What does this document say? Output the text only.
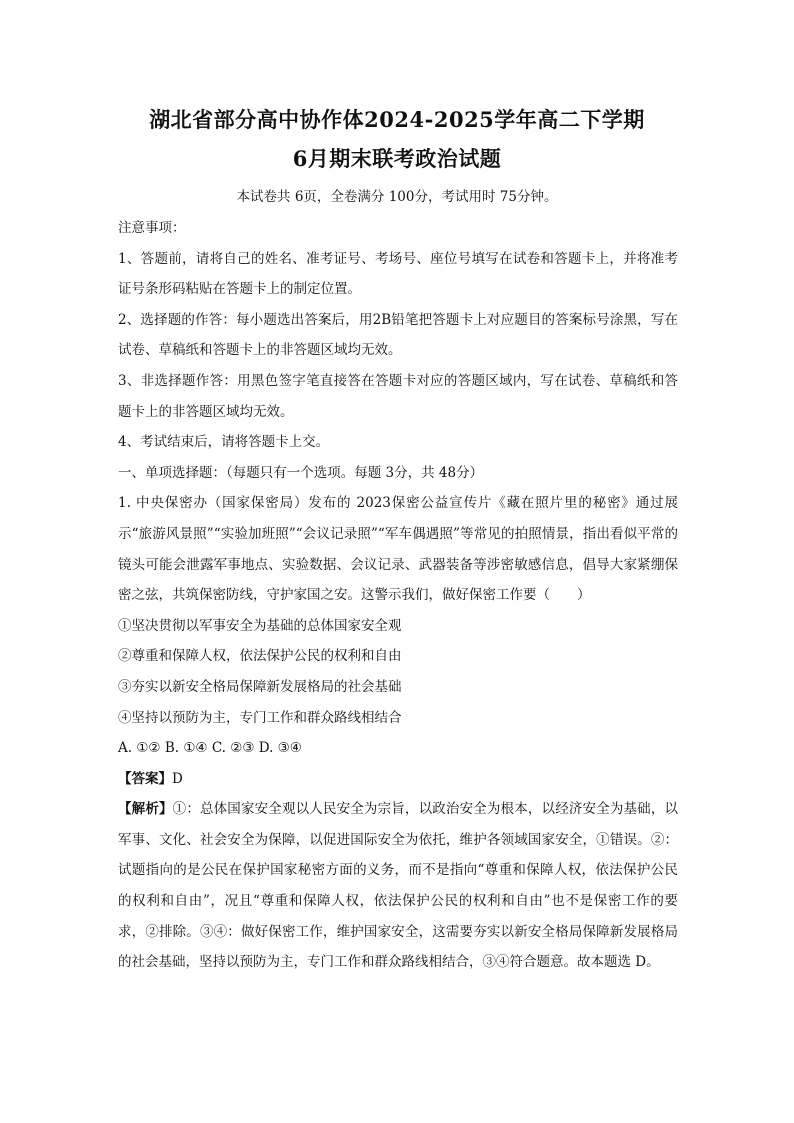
湖北省部分高中协作体2024-2025学年高二下学期
6月期末联考政治试题
本试卷共 6页，全卷满分 100分，考试用时 75分钟。

注意事项：

1、答题前，请将自己的姓名、准考证号、考场号、座位号填写在试卷和答题卡上，并将准考证号条形码粘贴在答题卡上的制定位置。

2、选择题的作答：每小题选出答案后，用2B铅笔把答题卡上对应题目的答案标号涂黑，写在试卷、草稿纸和答题卡上的非答题区域均无效。

3、非选择题作答：用黑色签字笔直接答在答题卡对应的答题区域内，写在试卷、草稿纸和答题卡上的非答题区域均无效。

4、考试结束后，请将答题卡上交。

一、单项选择题：（每题只有一个选项。每题 3分，共 48分）

1. 中央保密办（国家保密局）发布的 2023保密公益宣传片《藏在照片里的秘密》通过展示“旅游风景照”“实验加班照”“会议记录照”“军车偶遇照”等常见的拍照情景，指出看似平常的镜头可能会泄露军事地点、实验数据、会议记录、武器装备等涉密敏感信息，倡导大家紧绷保密之弦，共筑保密防线，守护家国之安。这警示我们，做好保密工作要（　　）

①坚决贯彻以军事安全为基础的总体国家安全观

②尊重和保障人权，依法保护公民的权利和自由

③夯实以新安全格局保障新发展格局的社会基础

④坚持以预防为主，专门工作和群众路线相结合

A. ①② B. ①④ C. ②③ D. ③④

【答案】D

【解析】①：总体国家安全观以人民安全为宗旨，以政治安全为根本，以经济安全为基础，以军事、文化、社会安全为保障，以促进国际安全为依托，维护各领域国家安全，①错误。②：试题指向的是公民在保护国家秘密方面的义务，而不是指向“尊重和保障人权，依法保护公民的权利和自由”，况且“尊重和保障人权，依法保护公民的权利和自由”也不是保密工作的要求，②排除。③④：做好保密工作，维护国家安全，这需要夯实以新安全格局保障新发展格局的社会基础，坚持以预防为主，专门工作和群众路线相结合，③④符合题意。故本题选 D。
